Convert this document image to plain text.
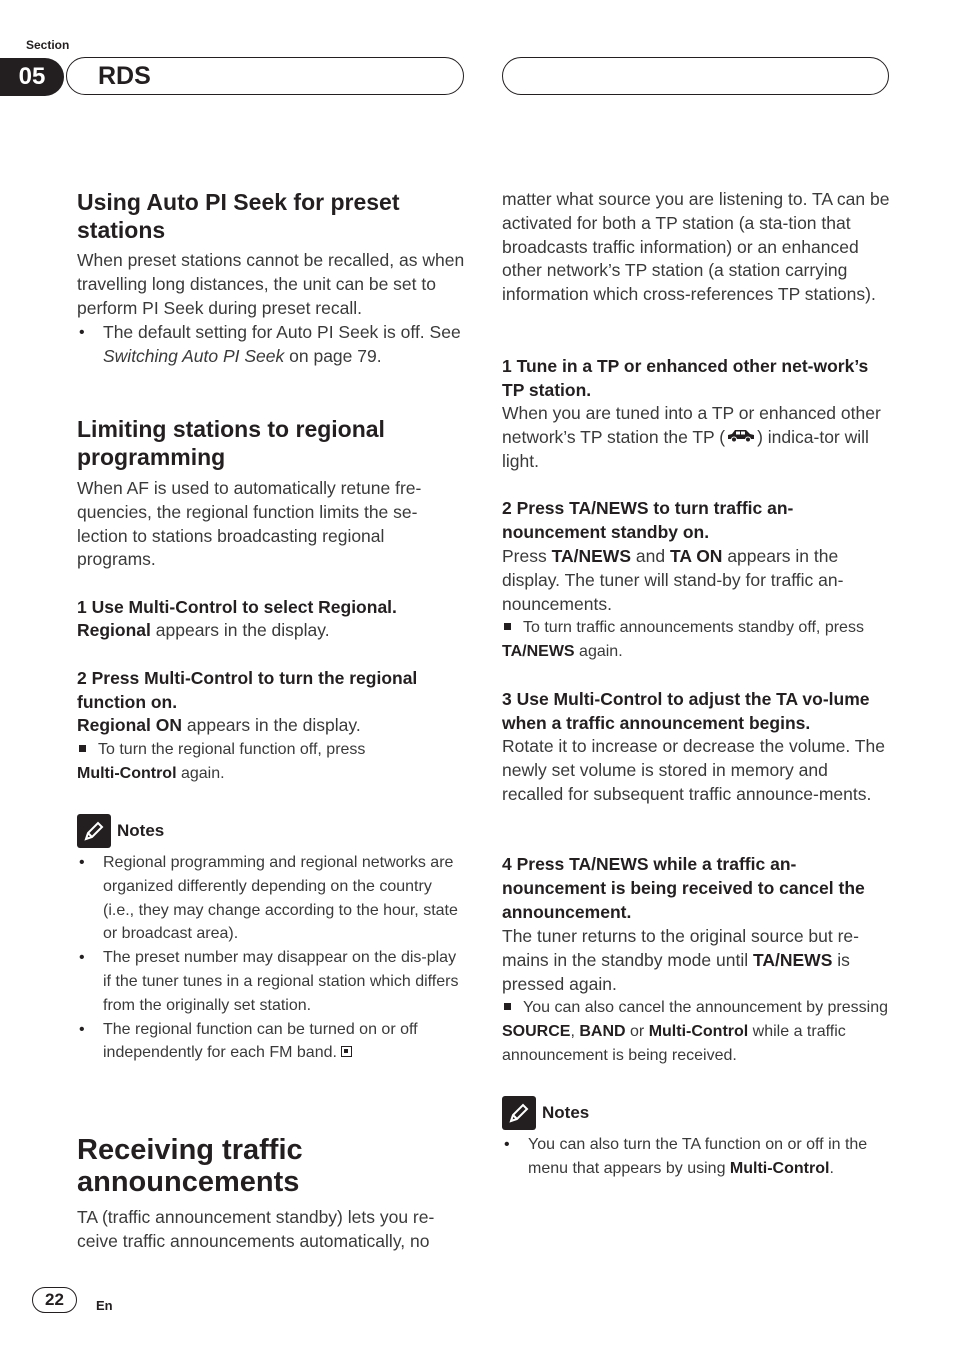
Section
05	RDS
Using Auto PI Seek for preset stations

When preset stations cannot be recalled, as when travelling long distances, the unit can be set to perform PI Seek during preset recall.

•	The default setting for Auto PI Seek is off. See Switching Auto PI Seek on page 79.

Limiting stations to regional programming

When AF is used to automatically retune fre-quencies, the regional function limits the se-lection to stations broadcasting regional programs.

1 Use Multi-Control to select Regional.

Regional appears in the display.

2 Press Multi-Control to turn the regional function on.

Regional ON appears in the display.

To turn the regional function off, press
Multi-Control again.

Notes
•	Regional programming and regional networks are organized differently depending on the country (i.e., they may change according to the hour, state or broadcast area).

•	The preset number may disappear on the dis-play if the tuner tunes in a regional station which differs from the originally set station.

•	The regional function can be turned on or off independently for each FM band.

Receiving traffic announcements

TA (traffic announcement standby) lets you re-ceive traffic announcements automatically, no

matter what source you are listening to. TA can be activated for both a TP station (a sta-tion that broadcasts traffic information) or an enhanced other network’s TP station (a station carrying information which cross-references TP stations).

1 Tune in a TP or enhanced other net-work’s TP station.

When you are tuned into a TP or enhanced other network’s TP station the TP ( ) indica-tor will light.

2 Press TA/NEWS to turn traffic an-nouncement standby on.

Press TA/NEWS and TA ON appears in the display. The tuner will stand-by for traffic an-nouncements.

To turn traffic announcements standby off, press TA/NEWS again.

3 Use Multi-Control to adjust the TA vo-lume when a traffic announcement begins.

Rotate it to increase or decrease the volume. The newly set volume is stored in memory and recalled for subsequent traffic announce-ments.

4 Press TA/NEWS while a traffic an-nouncement is being received to cancel the announcement.

The tuner returns to the original source but re-mains in the standby mode until TA/NEWS is pressed again.

You can also cancel the announcement by pressing SOURCE, BAND or Multi-Control while a traffic announcement is being received.

Notes
•	You can also turn the TA function on or off in the menu that appears by using Multi-Control.

22	En
